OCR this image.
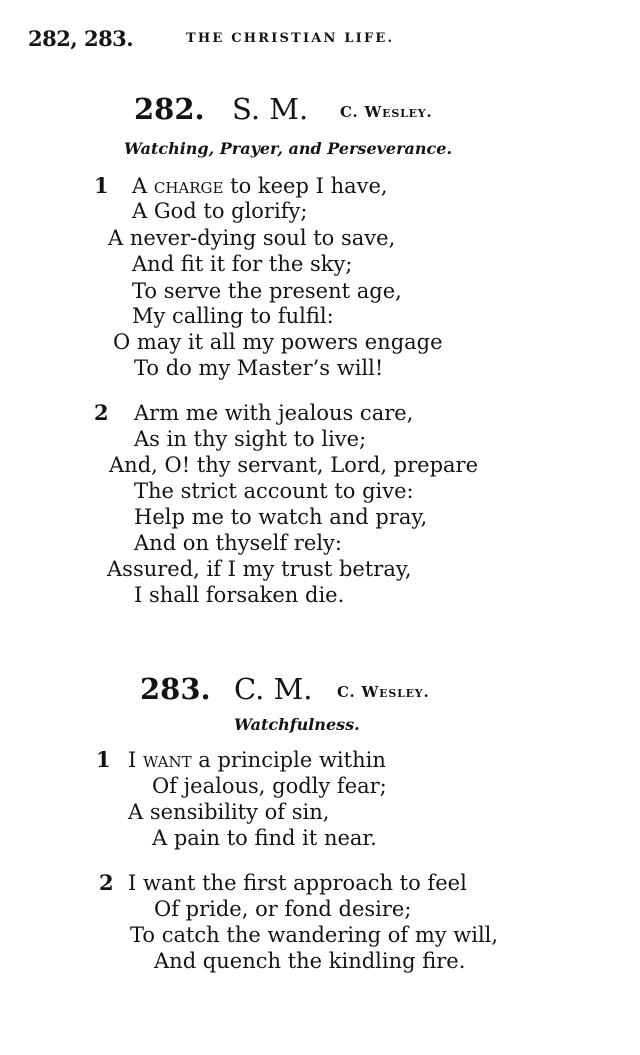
282, 283.	THE CHRISTIAN LIFE.
282. S. M. C. Wesley.
Watching, Prayer, and Perseverance.
1 A charge to keep I have,
A God to glorify;
A never-dying soul to save,
And fit it for the sky;
To serve the present age,
My calling to fulfil:
O may it all my powers engage
To do my Master’s will!
2 Arm me with jealous care,
As in thy sight to live;
And, O! thy servant, Lord, prepare
The strict account to give:
Help me to watch and pray,
And on thyself rely:
Assured, if I my trust betray,
I shall forsaken die.
283. C. M. C. Wesley.
Watchfulness.
1 I want a principle within
Of jealous, godly fear;
A sensibility of sin,
A pain to find it near.
2 I want the first approach to feel
Of pride, or fond desire;
To catch the wandering of my will,
And quench the kindling fire.
